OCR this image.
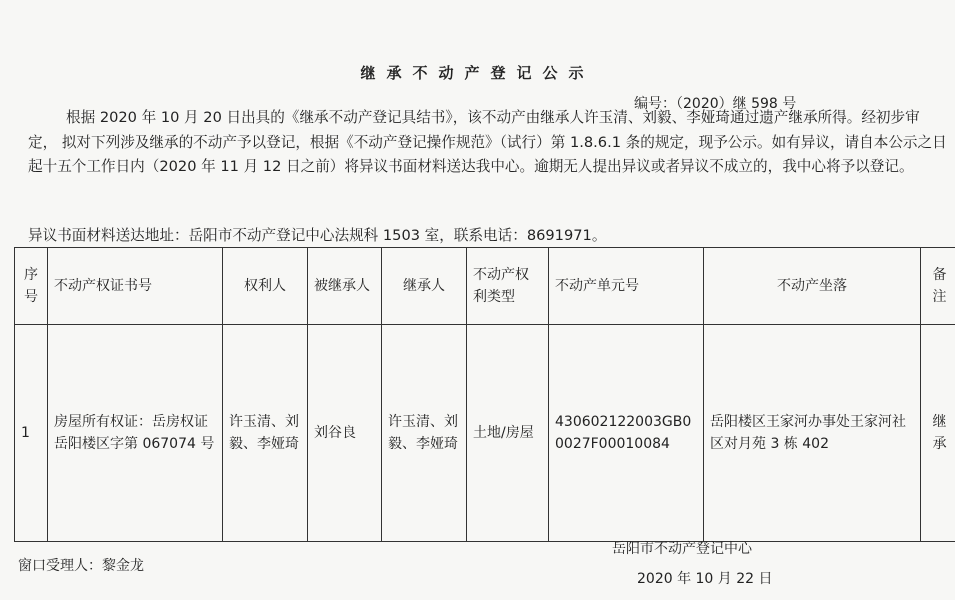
继承不动产登记公示
编号：（2020）继 598 号
根据 2020 年 10 月 20 日出具的《继承不动产登记具结书》，该不动产由继承人许玉清、刘毅、李娅琦通过遗产继承所得。经初步审定， 拟对下列涉及继承的不动产予以登记，根据《不动产登记操作规范》（试行）第 1.8.6.1 条的规定，现予公示。如有异议，请自本公示之日起十五个工作日内（2020 年 11 月 12 日之前）将异议书面材料送达我中心。逾期无人提出异议或者异议不成立的，我中心将予以登记。
异议书面材料送达地址：岳阳市不动产登记中心法规科 1503 室，联系电话：8691971。
序号	不动产权证书号	权利人	被继承人	继承人	不动产权利类型	不动产单元号	不动产坐落	备注
1	房屋所有权证：岳房权证岳阳楼区字第 067074 号	许玉清、刘毅、李娅琦	刘谷良	许玉清、刘毅、李娅琦	土地/房屋	430602122003GB00027F00010084	岳阳楼区王家河办事处王家河社区对月苑 3 栋 402	继承
窗口受理人：黎金龙
岳阳市不动产登记中心
2020 年 10 月 22 日
